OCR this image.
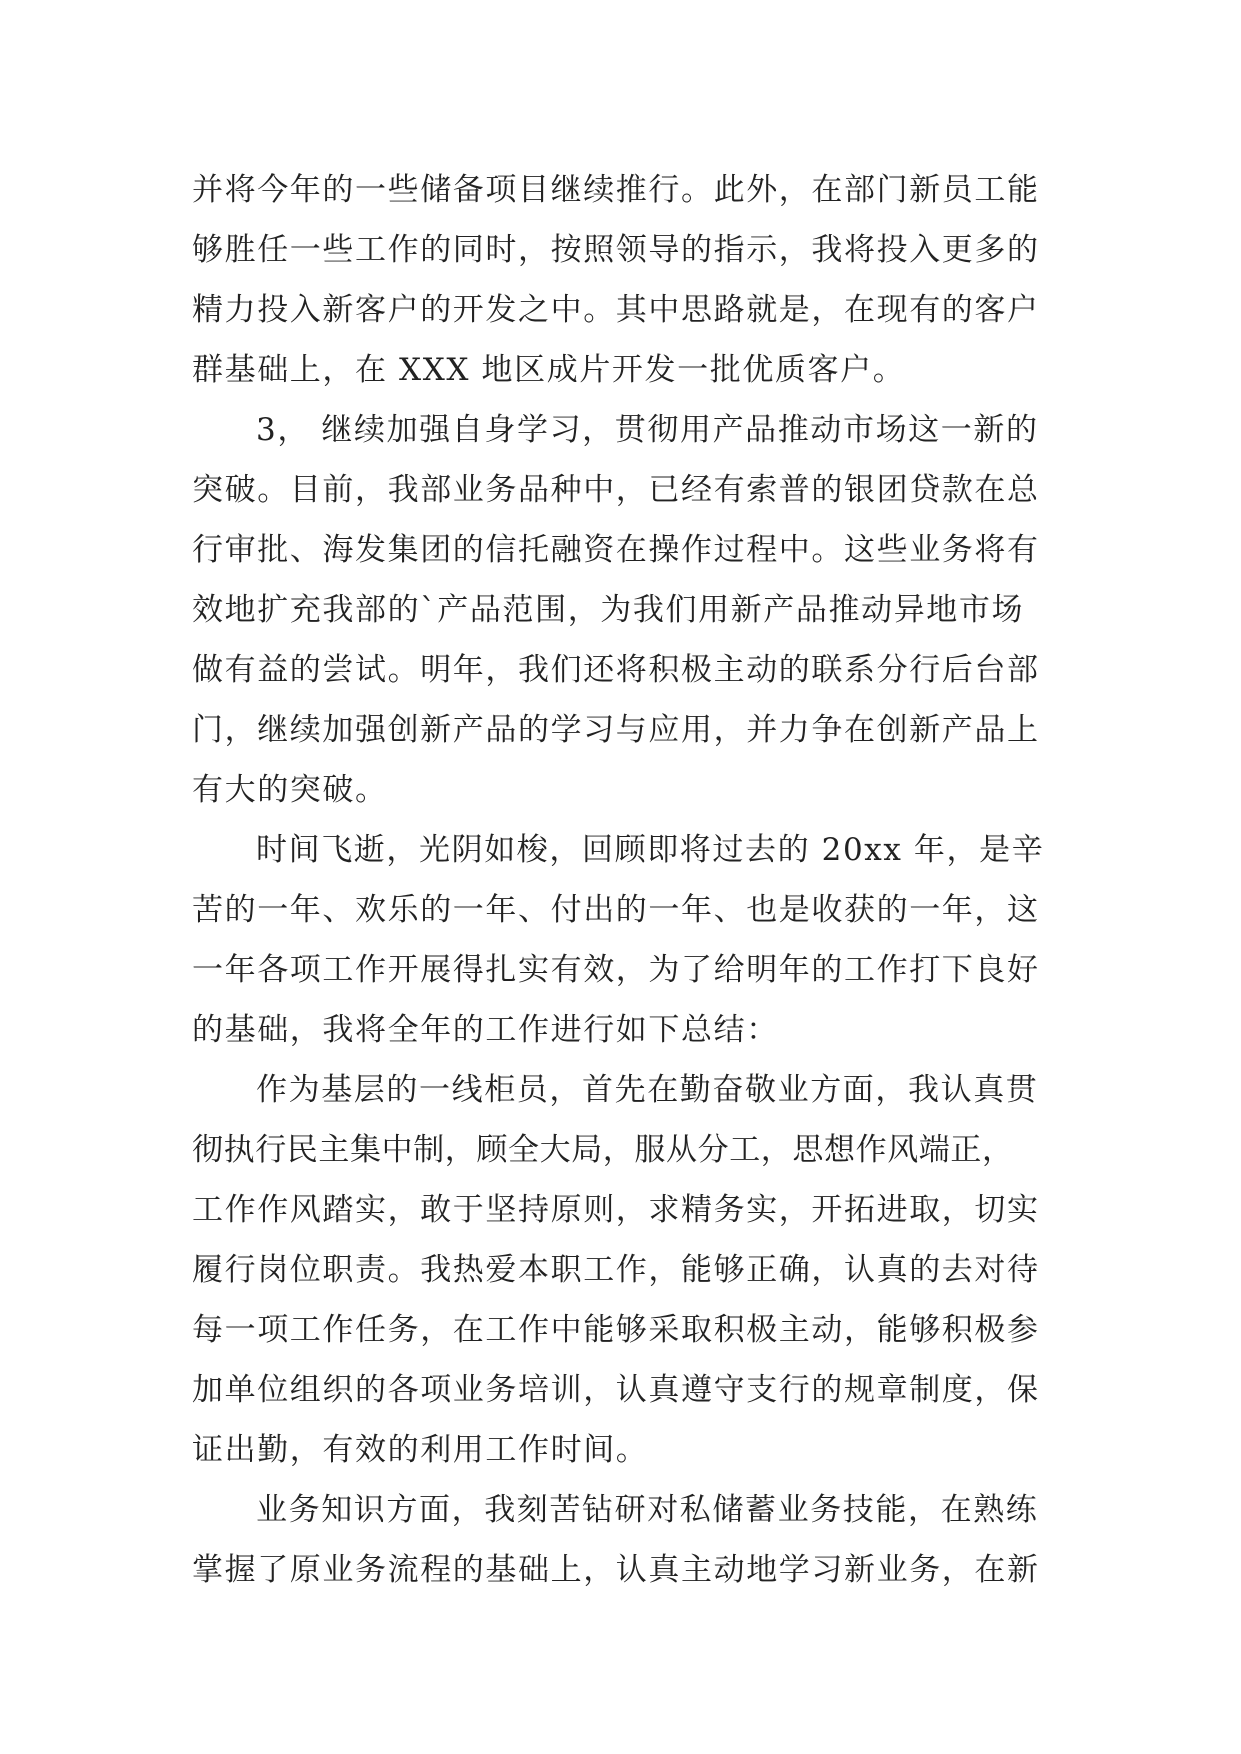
并将今年的一些储备项目继续推行。此外，在部门新员工能
够胜任一些工作的同时，按照领导的指示，我将投入更多的
精力投入新客户的开发之中。其中思路就是，在现有的客户
群基础上，在 XXX 地区成片开发一批优质客户。
3， 继续加强自身学习，贯彻用产品推动市场这一新的
突破。目前，我部业务品种中，已经有索普的银团贷款在总
行审批、海发集团的信托融资在操作过程中。这些业务将有
效地扩充我部的`产品范围，为我们用新产品推动异地市场
做有益的尝试。明年，我们还将积极主动的联系分行后台部
门，继续加强创新产品的学习与应用，并力争在创新产品上
有大的突破。
时间飞逝，光阴如梭，回顾即将过去的 20xx 年，是辛
苦的一年、欢乐的一年、付出的一年、也是收获的一年，这
一年各项工作开展得扎实有效，为了给明年的工作打下良好
的基础，我将全年的工作进行如下总结：
作为基层的一线柜员，首先在勤奋敬业方面，我认真贯
彻执行民主集中制，顾全大局，服从分工，思想作风端正，
工作作风踏实，敢于坚持原则，求精务实，开拓进取，切实
履行岗位职责。我热爱本职工作，能够正确，认真的去对待
每一项工作任务，在工作中能够采取积极主动，能够积极参
加单位组织的各项业务培训，认真遵守支行的规章制度，保
证出勤，有效的利用工作时间。
业务知识方面，我刻苦钻研对私储蓄业务技能，在熟练
掌握了原业务流程的基础上，认真主动地学习新业务，在新
